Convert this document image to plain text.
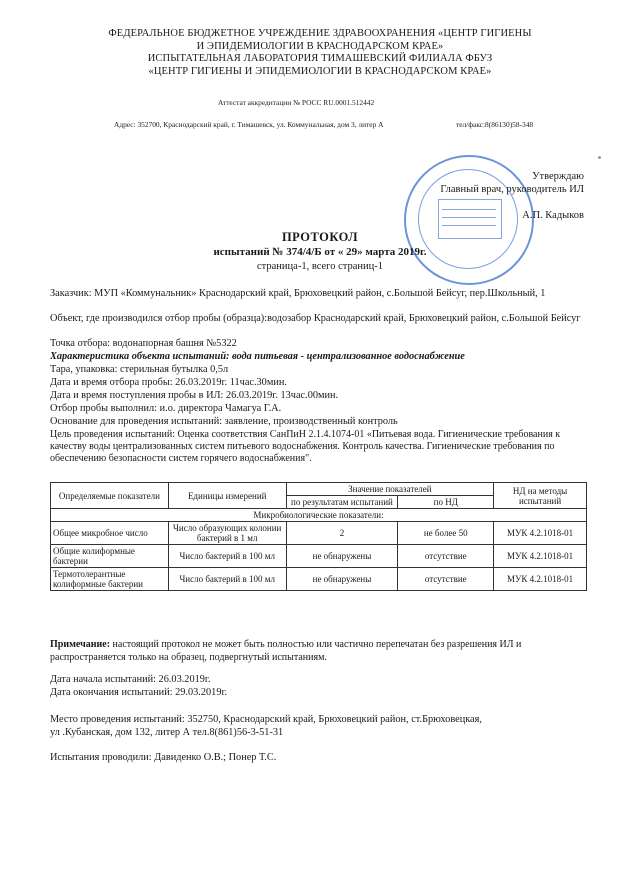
ФЕДЕРАЛЬНОЕ БЮДЖЕТНОЕ УЧРЕЖДЕНИЕ ЗДРАВООХРАНЕНИЯ «ЦЕНТР ГИГИЕНЫ
И ЭПИДЕМИОЛОГИИ В КРАСНОДАРСКОМ КРАЕ»
ИСПЫТАТЕЛЬНАЯ ЛАБОРАТОРИЯ ТИМАШЕВСКИЙ ФИЛИАЛА ФБУЗ
«ЦЕНТР ГИГИЕНЫ И ЭПИДЕМИОЛОГИИ В КРАСНОДАРСКОМ КРАЕ»
Аттестат аккредитации № РОСС RU.0001.512442
Адрес: 352700, Краснодарский край, г. Тимашевск, ул. Коммунальная, дом 3, литер А	тел/факс:8(86130)58-348
Утверждаю
Главный врач, руководитель ИЛ
А.П. Кадыков
ПРОТОКОЛ
испытаний № 374/4/Б от « 29» марта 2019г.
страница-1, всего страниц-1
Заказчик: МУП «Коммунальник» Краснодарский край, Брюховецкий район, с.Большой Бейсуг, пер.Школьный, 1
Объект, где производился отбор пробы (образца):водозабор Краснодарский край, Брюховецкий район, с.Большой Бейсуг
Точка отбора: водонапорная башня №5322
Характеристика объекта испытаний: вода питьевая - централизованное водоснабжение
Тара, упаковка: стерильная бутылка 0,5л
Дата и время отбора пробы: 26.03.2019г. 11час.30мин.
Дата и время поступления пробы в ИЛ: 26.03.2019г. 13час.00мин.
Отбор пробы выполнил: и.о. директора Чамагуа Г.А.
Основание для проведения испытаний: заявление, производственный контроль
Цель проведения испытаний: Оценка соответствия СанПиН 2.1.4.1074-01 «Питьевая вода. Гигиенические требования к качеству воды централизованных систем питьевого водоснабжения. Контроль качества. Гигиенические требования по обеспечению безопасности систем горячего водоснабжения".
Определяемые показатели	Единицы измерений	Значение показателей		НД на методы испытаний
		по результатам испытаний	по НД	
Микробиологические показатели:				
Общее микробное число	Число образующих колонии бактерий в 1 мл	2	не более 50	МУК 4.2.1018-01
Общие колиформные бактерии	Число бактерий в 100 мл	не обнаружены	отсутствие	МУК 4.2.1018-01
Термотолерантные колиформные бактерии	Число бактерий в 100 мл	не обнаружены	отсутствие	МУК 4.2.1018-01
Примечание: настоящий протокол не может быть полностью или частично перепечатан без разрешения ИЛ и распространяется только на образец, подвергнутый испытаниям.
Дата начала испытаний: 26.03.2019г.
Дата окончания испытаний: 29.03.2019г.
Место проведения испытаний: 352750, Краснодарский край, Брюховецкий район, ст.Брюховецкая,
ул .Кубанская, дом 132, литер А тел.8(861)56-3-51-31
Испытания проводили: Давиденко О.В.; Понер Т.С.
